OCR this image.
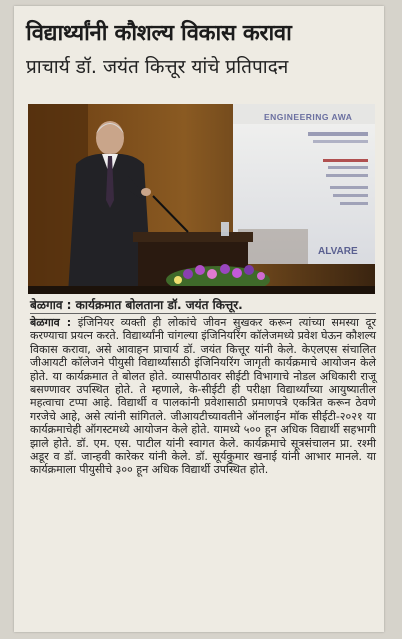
विद्यार्थ्यांनी कौशल्य विकास करावा
प्राचार्य डॉ. जयंत कित्तूर यांचे प्रतिपादन
ENGINEERING AWA
ALVARE
बेळगाव : कार्यक्रमात बोलताना डॉ. जयंत कित्तूर.
बेळगाव : इंजिनियर व्यक्ती ही लोकांचे जीवन सुखकर करून त्यांच्या समस्या दूर करण्याचा प्रयत्न करते. विद्यार्थ्यांनी चांगल्या इंजिनियरिंग कॉलेजमध्ये प्रवेश घेऊन कौशल्य विकास करावा, असे आवाहन प्राचार्य डॉ. जयंत कित्तूर यांनी केले. केएलएस संचालित जीआयटी कॉलेजने पीयुसी विद्यार्थ्यांसाठी इंजिनियरिंग जागृती कार्यक्रमाचे आयोजन केले होते. या कार्यक्रमात ते बोलत होते. व्यासपीठावर सीईटी विभागाचे नोडल अधिकारी राजू बसण्णावर उपस्थित होते. ते म्हणाले, के-सीईटी ही परीक्षा विद्यार्थ्यांच्या आयुष्यातील महत्वाचा टप्पा आहे. विद्यार्थी व पालकांनी प्रवेशासाठी प्रमाणपत्रे एकत्रित करून ठेवणे गरजेचे आहे, असे त्यांनी सांगितले. जीआयटीच्यावतीने ऑनलाईन मॉक सीईटी-२०२१ या कार्यक्रमाचेही ऑगस्टमध्ये आयोजन केले होते. यामध्ये ५०० हून अधिक विद्यार्थी सहभागी झाले होते. डॉ. एम. एस. पाटील यांनी स्वागत केले. कार्यक्रमाचे सूत्रसंचालन प्रा. रश्मी अडूर व डॉ. जान्हवी कारेकर यांनी केले. डॉ. सूर्यकुमार खनाई यांनी आभार मानले. या कार्यक्रमाला पीयुसीचे ३०० हून अधिक विद्यार्थी उपस्थित होते.
